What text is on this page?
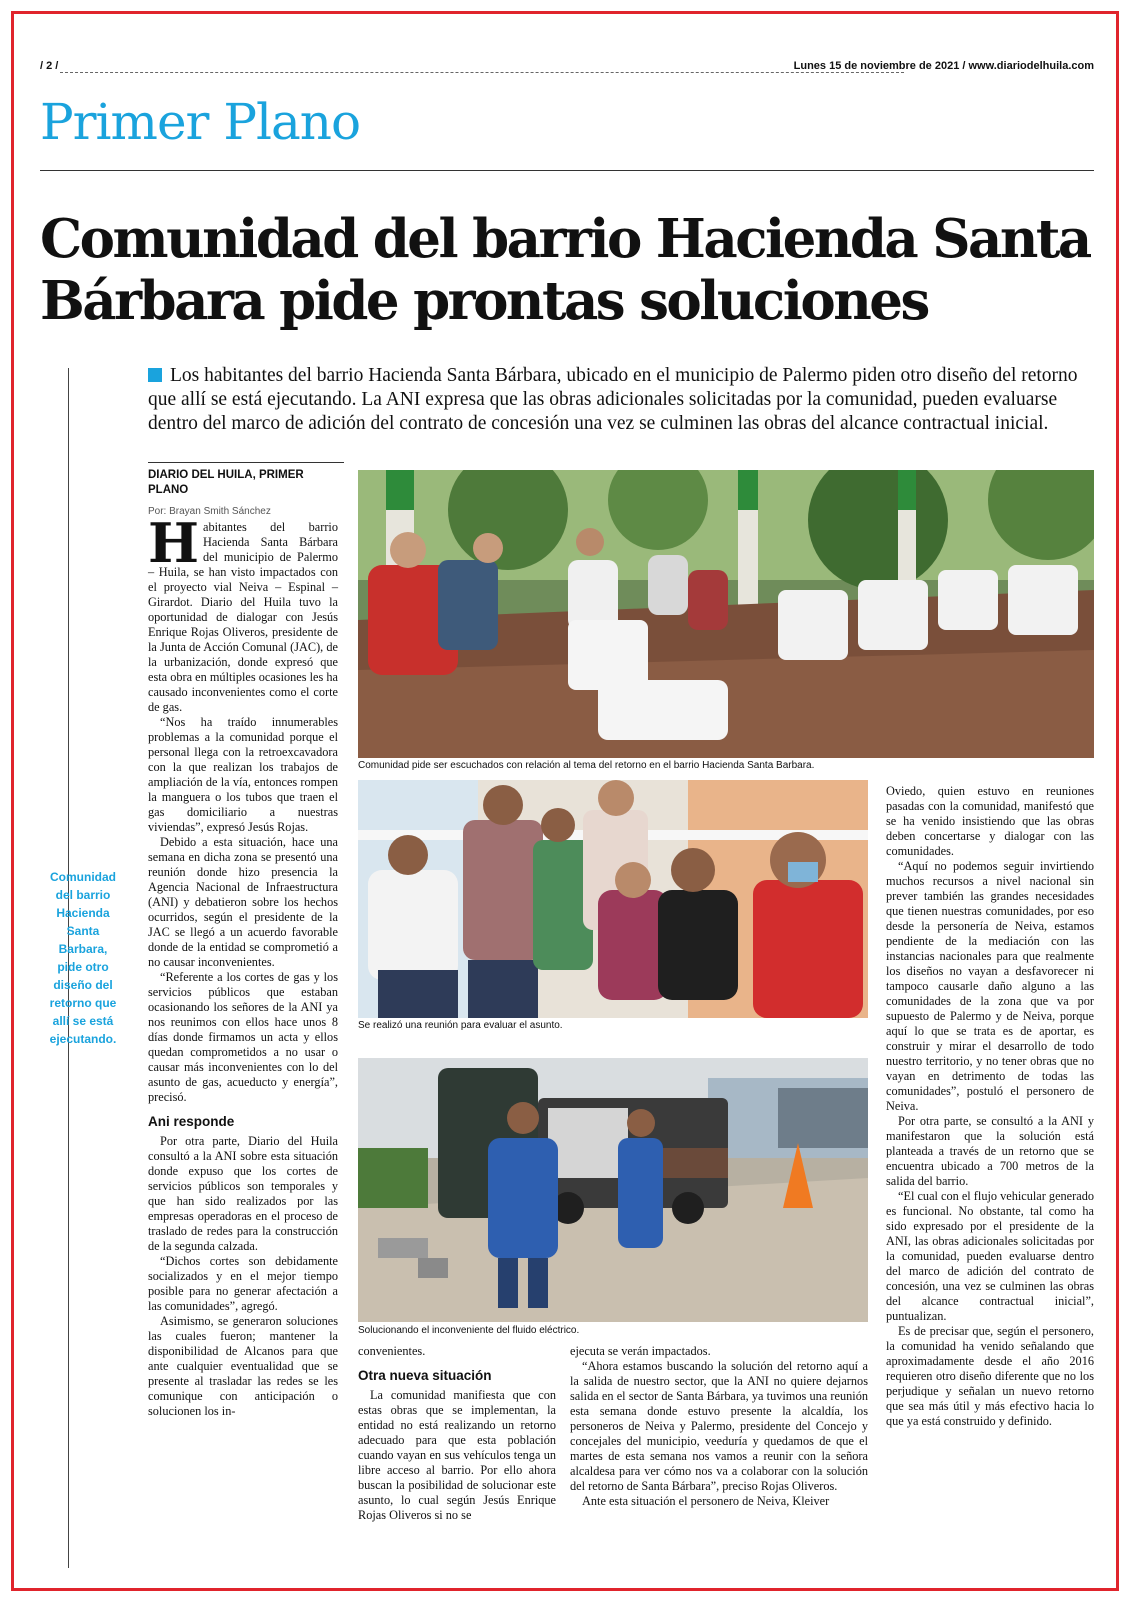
/ 2 /	Lunes 15 de noviembre de 2021 / www.diariodelhuila.com
Primer Plano
Comunidad del barrio Hacienda Santa Bárbara pide prontas soluciones
Los habitantes del barrio Hacienda Santa Bárbara, ubicado en el municipio de Palermo piden otro diseño del retorno que allí se está ejecutando. La ANI expresa que las obras adicionales solicitadas por la comunidad, pueden evaluarse dentro del marco de adición del contrato de concesión una vez se culminen las obras del alcance contractual inicial.
Comunidad del barrio Hacienda Santa Barbara, pide otro diseño del retorno que allí se está ejecutando.
DIARIO DEL HUILA, PRIMER PLANO
Por: Brayan Smith Sánchez

Habitantes del barrio Hacienda Santa Bárbara del municipio de Palermo – Huila, se han visto impactados con el proyecto vial Neiva – Espinal – Girardot. Diario del Huila tuvo la oportunidad de dialogar con Jesús Enrique Rojas Oliveros, presidente de la Junta de Acción Comunal (JAC), de la urbanización, donde expresó que esta obra en múltiples ocasiones les ha causado inconvenientes como el corte de gas.

“Nos ha traído innumerables problemas a la comunidad porque el personal llega con la retroexcavadora con la que realizan los trabajos de ampliación de la vía, entonces rompen la manguera o los tubos que traen el gas domiciliario a nuestras viviendas”, expresó Jesús Rojas.

Debido a esta situación, hace una semana en dicha zona se presentó una reunión donde hizo presencia la Agencia Nacional de Infraestructura (ANI) y debatieron sobre los hechos ocurridos, según el presidente de la JAC se llegó a un acuerdo favorable donde de la entidad se comprometió a no causar inconvenientes.

“Referente a los cortes de gas y los servicios públicos que estaban ocasionando los señores de la ANI ya nos reunimos con ellos hace unos 8 días donde firmamos un acta y ellos quedan comprometidos a no usar o causar más inconvenientes con lo del asunto de gas, acueducto y energía”, precisó.

Ani responde

Por otra parte, Diario del Huila consultó a la ANI sobre esta situación donde expuso que los cortes de servicios públicos son temporales y que han sido realizados por las empresas operadoras en el proceso de traslado de redes para la construcción de la segunda calzada.

“Dichos cortes son debidamente socializados y en el mejor tiempo posible para no generar afectación a las comunidades”, agregó.

Asimismo, se generaron soluciones las cuales fueron; mantener la disponibilidad de Alcanos para que ante cualquier eventualidad que se presente al trasladar las redes se les comunique con anticipación o solucionen los in-

Comunidad pide ser escuchados con relación al tema del retorno en el barrio Hacienda Santa Barbara.
Se realizó una reunión para evaluar el asunto.
Solucionando el inconveniente del fluido eléctrico.

convenientes.

Otra nueva situación

La comunidad manifiesta que con estas obras que se implementan, la entidad no está realizando un retorno adecuado para que esta población cuando vayan en sus vehículos tenga un libre acceso al barrio. Por ello ahora buscan la posibilidad de solucionar este asunto, lo cual según Jesús Enrique Rojas Oliveros si no se

ejecuta se verán impactados.

“Ahora estamos buscando la solución del retorno aquí a la salida de nuestro sector, que la ANI no quiere dejarnos salida en el sector de Santa Bárbara, ya tuvimos una reunión esta semana donde estuvo presente la alcaldía, los personeros de Neiva y Palermo, presidente del Concejo y concejales del municipio, veeduría y quedamos de que el martes de esta semana nos vamos a reunir con la señora alcaldesa para ver cómo nos va a colaborar con la solución del retorno de Santa Bárbara”, preciso Rojas Oliveros.

Ante esta situación el personero de Neiva, Kleiver

Oviedo, quien estuvo en reuniones pasadas con la comunidad, manifestó que se ha venido insistiendo que las obras deben concertarse y dialogar con las comunidades.

“Aquí no podemos seguir invirtiendo muchos recursos a nivel nacional sin prever también las grandes necesidades que tienen nuestras comunidades, por eso desde la personería de Neiva, estamos pendiente de la mediación con las instancias nacionales para que realmente los diseños no vayan a desfavorecer ni tampoco causarle daño alguno a las comunidades de la zona que va por supuesto de Palermo y de Neiva, porque aquí lo que se trata es de aportar, es construir y mirar el desarrollo de todo nuestro territorio, y no tener obras que no vayan en detrimento de todas las comunidades”, postuló el personero de Neiva.

Por otra parte, se consultó a la ANI y manifestaron que la solución está planteada a través de un retorno que se encuentra ubicado a 700 metros de la salida del barrio.

“El cual con el flujo vehicular generado es funcional. No obstante, tal como ha sido expresado por el presidente de la ANI, las obras adicionales solicitadas por la comunidad, pueden evaluarse dentro del marco de adición del contrato de concesión, una vez se culminen las obras del alcance contractual inicial”, puntualizan.

Es de precisar que, según el personero, la comunidad ha venido señalando que aproximadamente desde el año 2016 requieren otro diseño diferente que no los perjudique y señalan un nuevo retorno que sea más útil y más efectivo hacia lo que ya está construido y definido.
